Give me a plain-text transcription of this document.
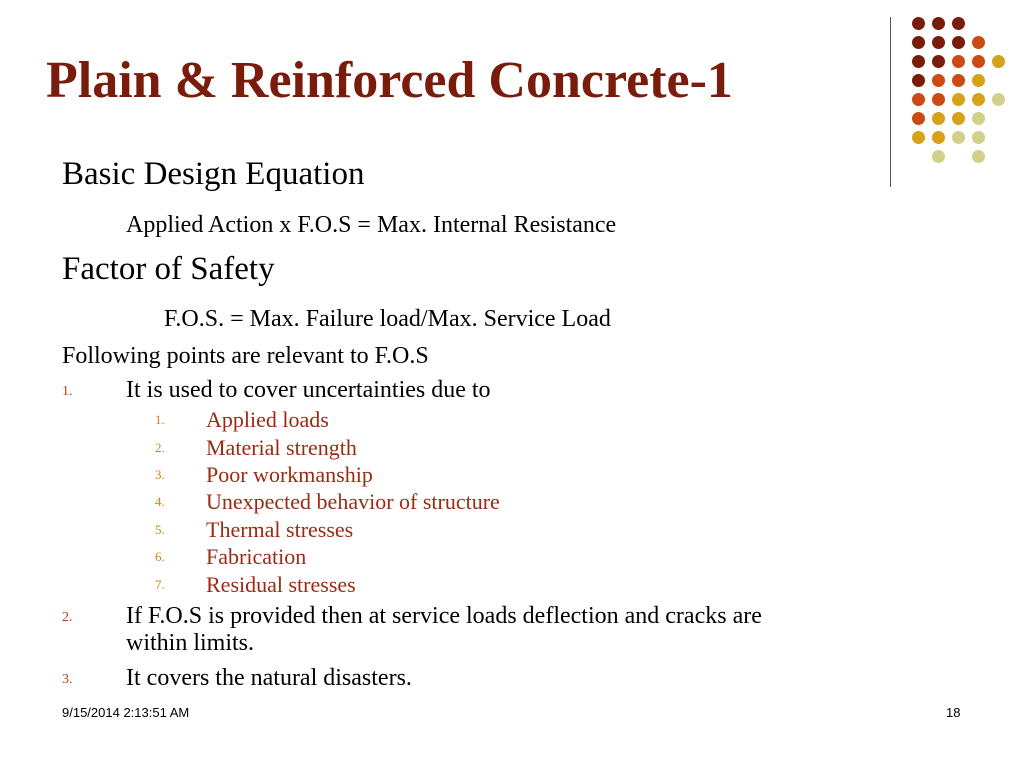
Plain & Reinforced Concrete-1
Basic Design Equation
Applied Action x F.O.S = Max. Internal Resistance
Factor of Safety
F.O.S. = Max. Failure load/Max. Service Load
Following points are relevant to F.O.S
1. It is used to cover uncertainties due to
1. Applied loads
2. Material strength
3. Poor workmanship
4. Unexpected behavior of structure
5. Thermal stresses
6. Fabrication
7. Residual stresses
2. If F.O.S is provided then at service loads deflection and cracks are
within limits.
3. It covers the natural disasters.
9/15/2014 2:13:51 AM	18
